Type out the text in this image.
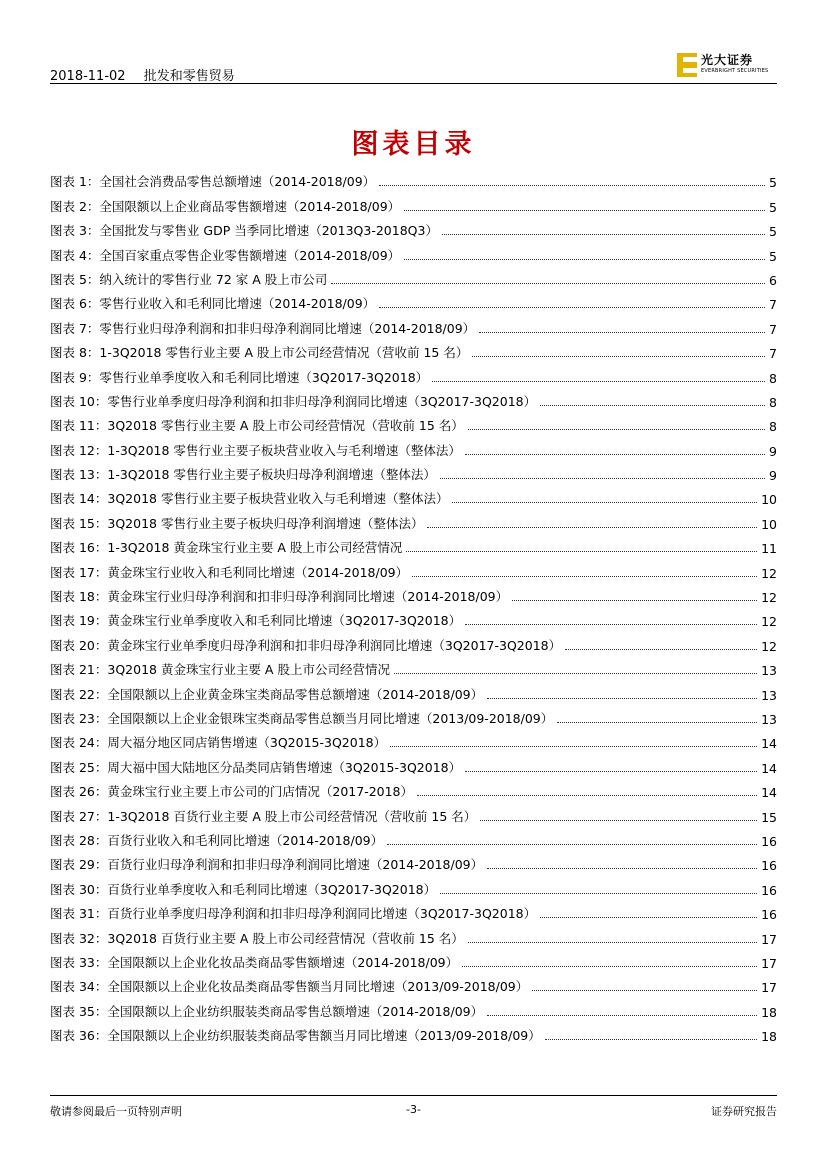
2018-11-02 批发和零售贸易
光大证券
EVERBRIGHT SECURITIES
图表目录
图表 1：全国社会消费品零售总额增速（2014-2018/09）	5
图表 2：全国限额以上企业商品零售额增速（2014-2018/09）	5
图表 3：全国批发与零售业 GDP 当季同比增速（2013Q3-2018Q3）	5
图表 4：全国百家重点零售企业零售额增速（2014-2018/09）	5
图表 5：纳入统计的零售行业 72 家 A 股上市公司	6
图表 6：零售行业收入和毛利同比增速（2014-2018/09）	7
图表 7：零售行业归母净利润和扣非归母净利润同比增速（2014-2018/09）	7
图表 8：1-3Q2018 零售行业主要 A 股上市公司经营情况（营收前 15 名）	7
图表 9：零售行业单季度收入和毛利同比增速（3Q2017-3Q2018）	8
图表 10：零售行业单季度归母净利润和扣非归母净利润同比增速（3Q2017-3Q2018）	8
图表 11：3Q2018 零售行业主要 A 股上市公司经营情况（营收前 15 名）	8
图表 12：1-3Q2018 零售行业主要子板块营业收入与毛利增速（整体法）	9
图表 13：1-3Q2018 零售行业主要子板块归母净利润增速（整体法）	9
图表 14：3Q2018 零售行业主要子板块营业收入与毛利增速（整体法）	10
图表 15：3Q2018 零售行业主要子板块归母净利润增速（整体法）	10
图表 16：1-3Q2018 黄金珠宝行业主要 A 股上市公司经营情况	11
图表 17：黄金珠宝行业收入和毛利同比增速（2014-2018/09）	12
图表 18：黄金珠宝行业归母净利润和扣非归母净利润同比增速（2014-2018/09）	12
图表 19：黄金珠宝行业单季度收入和毛利同比增速（3Q2017-3Q2018）	12
图表 20：黄金珠宝行业单季度归母净利润和扣非归母净利润同比增速（3Q2017-3Q2018）	12
图表 21：3Q2018 黄金珠宝行业主要 A 股上市公司经营情况	13
图表 22：全国限额以上企业黄金珠宝类商品零售总额增速（2014-2018/09）	13
图表 23：全国限额以上企业金银珠宝类商品零售总额当月同比增速（2013/09-2018/09）	13
图表 24：周大福分地区同店销售增速（3Q2015-3Q2018）	14
图表 25：周大福中国大陆地区分品类同店销售增速（3Q2015-3Q2018）	14
图表 26：黄金珠宝行业主要上市公司的门店情况（2017-2018）	14
图表 27：1-3Q2018 百货行业主要 A 股上市公司经营情况（营收前 15 名）	15
图表 28：百货行业收入和毛利同比增速（2014-2018/09）	16
图表 29：百货行业归母净利润和扣非归母净利润同比增速（2014-2018/09）	16
图表 30：百货行业单季度收入和毛利同比增速（3Q2017-3Q2018）	16
图表 31：百货行业单季度归母净利润和扣非归母净利润同比增速（3Q2017-3Q2018）	16
图表 32：3Q2018 百货行业主要 A 股上市公司经营情况（营收前 15 名）	17
图表 33：全国限额以上企业化妆品类商品零售额增速（2014-2018/09）	17
图表 34：全国限额以上企业化妆品类商品零售额当月同比增速（2013/09-2018/09）	17
图表 35：全国限额以上企业纺织服装类商品零售总额增速（2014-2018/09）	18
图表 36：全国限额以上企业纺织服装类商品零售额当月同比增速（2013/09-2018/09）	18
敬请参阅最后一页特别声明	-3-	证券研究报告
